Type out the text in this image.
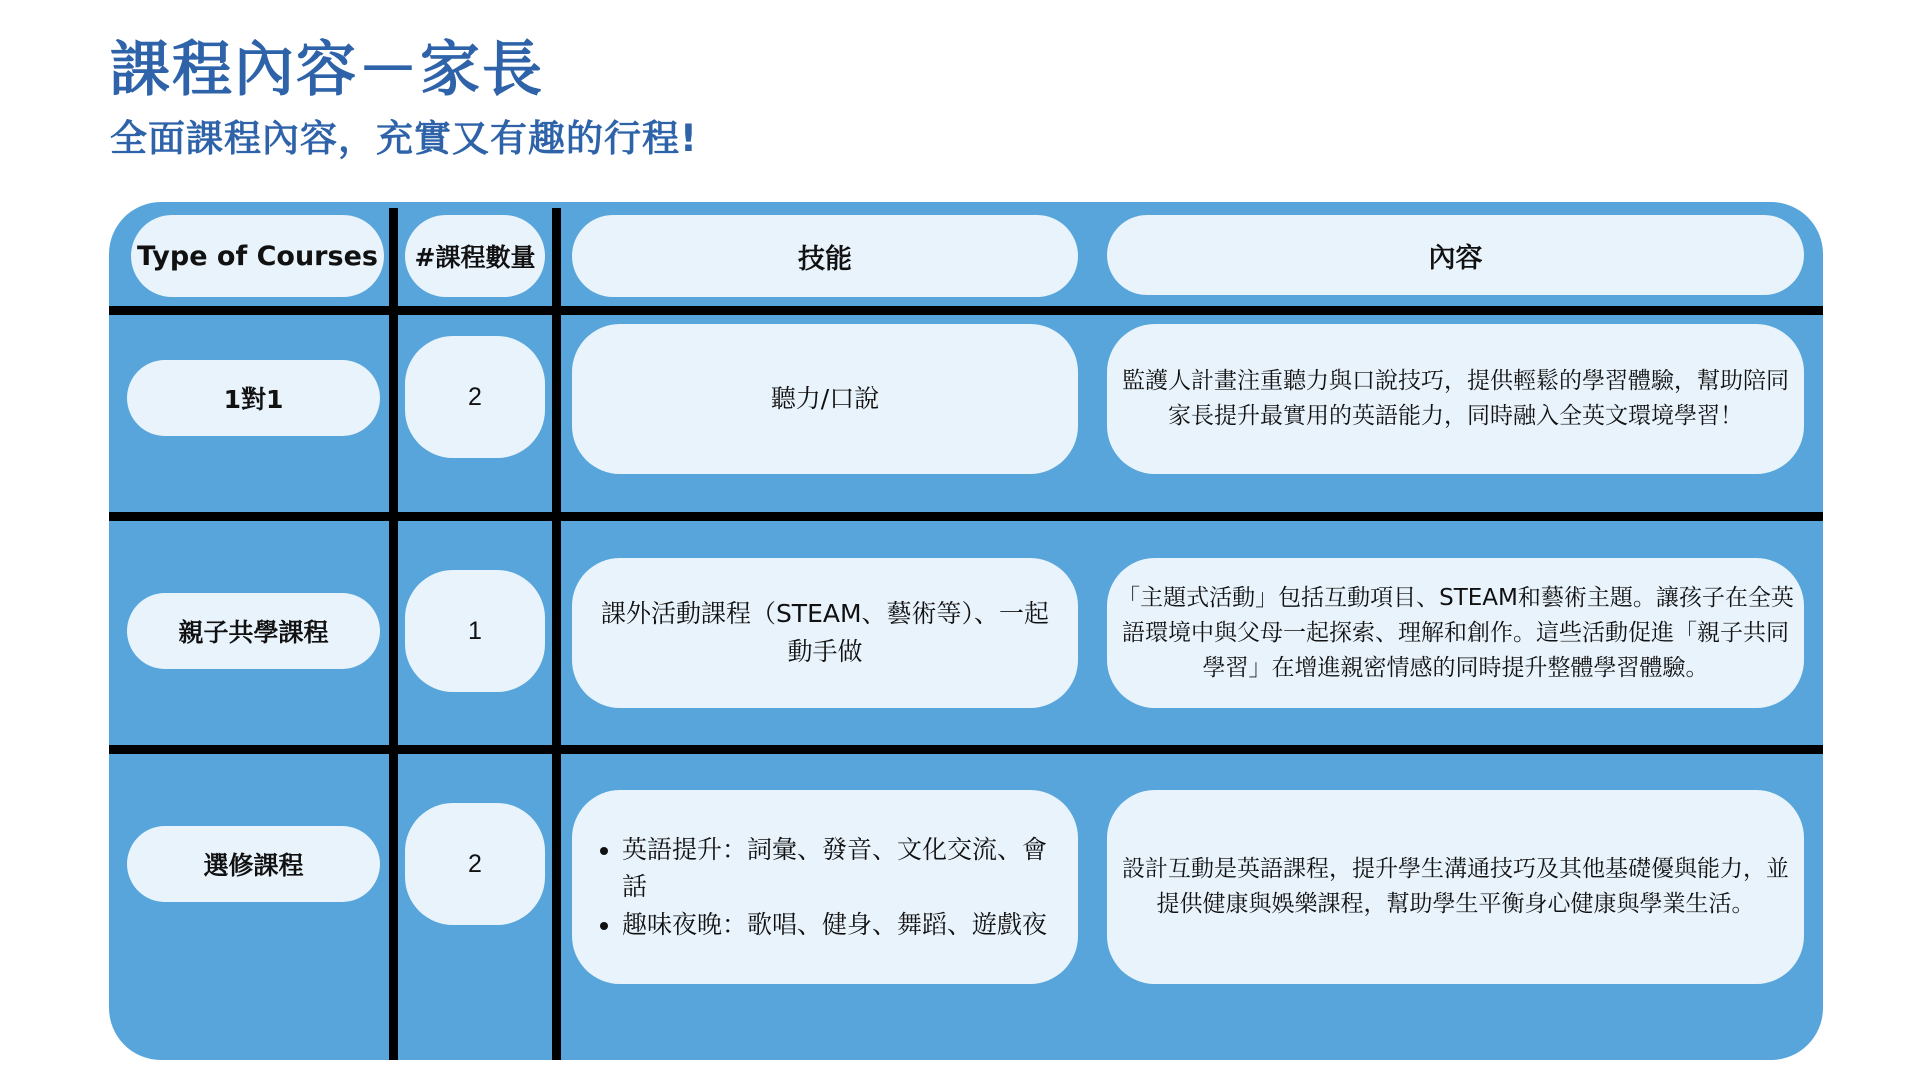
課程內容－家長
全面課程內容，充實又有趣的行程!
Type of Courses	#課程數量	技能	內容
1對1	2	聽力/口說
監護人計畫注重聽力與口說技巧，提供輕鬆的學習體驗，幫助陪同家長提升最實用的英語能力，同時融入全英文環境學習！
親子共學課程	1
課外活動課程（STEAM、藝術等）、一起動手做
「主題式活動」包括互動項目、STEAM和藝術主題。讓孩子在全英語環境中與父母一起探索、理解和創作。這些活動促進「親子共同學習」在增進親密情感的同時提升整體學習體驗。
選修課程	2
•	英語提升：詞彙、發音、文化交流、會話
• 趣味夜晚：歌唱、健身、舞蹈、遊戲夜
設計互動是英語課程，提升學生溝通技巧及其他基礎優與能力，並提供健康與娛樂課程，幫助學生平衡身心健康與學業生活。
